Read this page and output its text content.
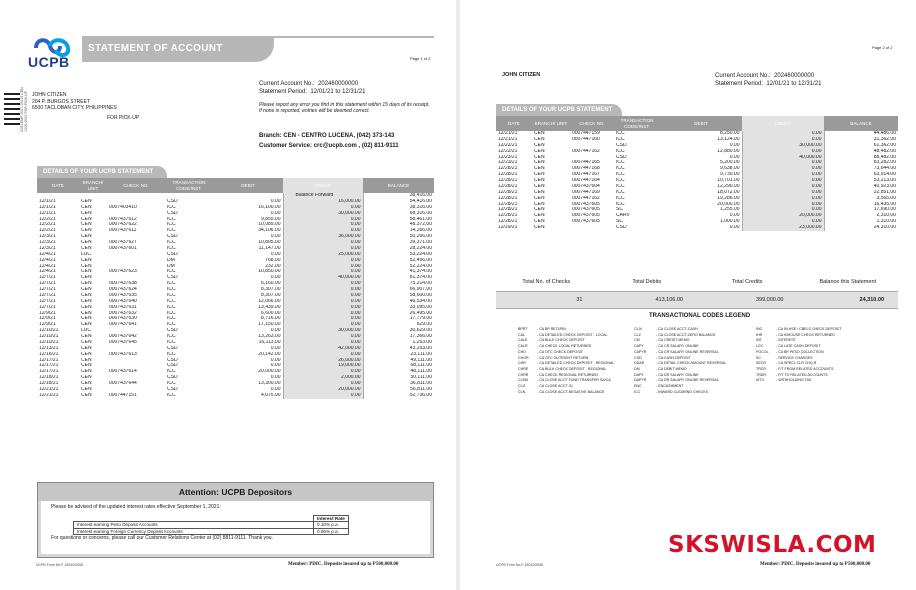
UCPB
STATEMENT OF ACCOUNT
Page 1 of 2
COD-EMP-2017-00123 CEN 12/31/2021 FOR PICK-UP JOHN CITIZEN
204 P. BURGOS STREET
6500 TACLOBAN CITY, PHILIPPINES
FOR PICK-UP
Current Account No.: 202460000000
Statement Period: 12/01/21 to 12/31/21
Please report any error you find in this statement within 15 days of its receipt. If none is reported, entries will be deemed correct.
Branch: CEN - CENTRO LUCENA, (042) 373-143
Customer Service: crc@ucpb.com , (02) 811-9111
DETAILS OF YOUR UCPB STATEMENT
DATE	BRANCH/ UNIT	CHECK NO.	TRANSACTION CODE/INST.	DEBIT	CREDIT	BALANCE
					Balance Forward	38,416.00
12/1/21	CEN		CSD	0.00	16,000.00	54,416.00
12/1/21	CEN	0007403410	ICC	16,100.00	0.00	38,316.00
12/1/21	CEN		CSD	0.00	30,000.00	68,316.00
12/2/21	CEN	0007437612	ICC	9,855.00	0.00	58,461.00
12/2/21	CEN	0007437622	ICC	10,089.00	0.00	48,372.00
12/2/21	CEN	0007437611	ICC	34,106.00	0.00	14,266.00
12/3/21	CEN		CSD	0.00	36,000.00	50,266.00
12/3/21	CEN	0007437627	ICC	10,895.00	0.00	39,371.00
12/3/21	CEN	0007437601	ICC	11,147.00	0.00	28,224.00
12/4/21	LUC		CSD	0.00	25,000.00	53,224.00
12/4/21	CEN		DM	768.00	0.00	52,456.00
12/4/21	CEN		DM	232.00	0.00	52,224.00
12/4/21	CEN	0007437623	ICC	10,850.00	0.00	41,374.00
12/7/21	CEN		CSD	0.00	40,000.00	81,374.00
12/7/21	CEN	0007437638	ICC	6,160.00	0.00	75,214.00
12/7/21	CEN	0007437624	ICC	8,307.00	0.00	66,907.00
12/7/21	CEN	0007437635	ICC	8,307.00	0.00	58,600.00
12/7/21	CEN	0007437640	ICC	12,066.00	0.00	46,534.00
12/7/21	CEN	0007437631	ICC	13,439.00	0.00	33,095.00
12/9/21	CEN	0007437632	ICC	6,600.00	0.00	26,495.00
12/9/21	CEN	0007437630	ICC	8,716.00	0.00	17,779.00
12/9/21	CEN	0007437641	ICC	17,150.00	0.00	629.00
12/10/21	LUC		CSD	0.00	30,000.00	30,629.00
12/10/21	CEN	0007437642	ICC	13,263.00	0.00	17,366.00
12/10/21	CEN	0007437645	ICC	16,113.00	0.00	1,253.00
12/13/21	CEN		CSD	0.00	42,000.00	43,253.00
12/16/21	CEN	0007437613	ICC	20,142.00	0.00	23,111.00
12/17/21	CEN		CSD	0.00	26,000.00	49,111.00
12/17/21	CEN		CSD	0.00	19,000.00	68,111.00
12/17/21	CEN	0007437614	ICC	20,000.00	0.00	48,111.00
12/18/21	CEN		CSD	0.00	2,000.00	50,111.00
12/18/21	CEN	0007437644	ICC	13,300.00	0.00	36,811.00
12/21/21	CEN		CSD	0.00	20,000.00	56,811.00
12/21/21	CEN	0007447151	ICC	4,075.00	0.00	52,736.00
Attention: UCPB Depositors
Please be advised of the updated interest rates effective September 1, 2021:
	Interest Rate
Interest-earning Peso Deposit Accounts	0.10% p.a.
Interest-earning Foreign Currency Deposit Accounts	0.05% p.a.
For questions or concerns, please call our Customer Relations Center at (02) 8811-9111. Thank you.
UCPB Form No.F-18010/2008	Member: PDIC. Deposits insured up to P500,000.00
Page 2 of 2
JOHN CITIZEN	Current Account No.: 202460000000
Statement Period: 12/01/21 to 12/31/21
DETAILS OF YOUR UCPB STATEMENT
DATE	BRANCH/ UNIT	CHECK NO.	TRANSACTION CODE/INST.	DEBIT	CREDIT	BALANCE
12/21/21	CEN	0007447159	ICC	8,250.00	0.00	44,486.00
12/21/21	CEN	0007447160	ICC	13,124.00	0.00	31,362.00
12/22/21	CEN		CSD	0.00	30,000.00	61,362.00
12/22/21	CEN	0007447162	ICC	12,880.00	0.00	48,482.00
12/23/21	CEN		CSD	0.00	40,000.00	88,482.00
12/23/21	CEN	0007447165	ICC	5,200.00	0.00	83,282.00
12/28/21	CEN	0007447168	ICC	9,638.00	0.00	73,644.00
12/28/21	CEN	0007447167	ICC	9,730.00	0.00	63,914.00
12/28/21	CEN	0007447164	ICC	10,701.00	0.00	53,213.00
12/28/21	CEN	0007437604	ICC	12,290.00	0.00	40,923.00
12/28/21	CEN	0007447169	ICC	18,072.00	0.00	22,851.00
12/28/21	CEN	0007447162	ICC	19,286.00	0.00	3,565.00
12/28/21	CEN	0007437605	ICC	20,000.00	0.00	16,435.00
12/28/21	CEN	0007437605	SC	1,255.00	0.00	17,690.00
12/28/21	CEN	0007437605	CARV	0.00	20,000.00	2,310.00
12/28/21	CEN	0007437605	SC	1,000.00	0.00	1,310.00
12/29/21	CEN		CSD	0.00	23,000.00	24,310.00
Total No. of Checks	Total Debits	Total Credits	Balance this Statement
31	413,106.00	399,000.00	24,310.00
TRANSACTIONAL CODES LEGEND
BPRT	- CA BP RETURN	CLIV	- CA CLOSE ACCT-CASH	INC	- CA IN-HSE / CBELS CHECK DEPOSIT
CAL	- CA DETAILED CHECK DEPOSIT - LOCAL	CLZ	- CA CLOSE ACCT-ZERO BALANCE	IHR	- CA INHOUSE CHECK RETURNED
CALE	- CA BULK CHECK DEPOSIT	CM	- CA CREDIT MEMO	INT	- INTEREST
CALR	- CA CHECK LOCAL RETURNED	CAPY	- CA CR SALARY ONLINE	LCC	- CA LATE CASH DEPOSIT
CHD	- CA OTC CHECK DEPOSIT	CAPYR	- CA CR SALARY ONLINE REVERSAL	POCOL	- CA BP PESO COLLECTION
CHOR	- CA OTC OUTRIGHT RETURN	CSD	- CA CASH DEPOSIT	SC	- SERVICE CHARGES
CHR	- CA DETAILED CHECK DEPOSIT - REGIONAL	DDAR	- CA DETAIL CHECK AMOUNT REVERSAL	SECR	- CA SPECL CLR CHQ R
CHRE	- CA BULK CHECK DEPOSIT - REGIONAL	DM	- CA DEBIT MEMO	TRCR	- F/T FROM RELATED ACCOUNTS
CHRR	- CA CHECK REGIONAL RETURNED	DAPY	- CA DR SALARY ONLINE	TRDR	- F/T TO RELATED ACCOUNTS
CLEM	- CA CLOSE ACCT FUND TRANSFER SA/CA	DAPYR	- CA DR SALARY ONLINE REVERSAL	WTX	- WITHHOLDING TAX
CLG	- CA CLOSE ACCT GL	ENC	- ENCASHMENT
CLN	- CA CLOSE ACCT-NEGATIVE BALANCE	ICC	- INWARD CLEARING CHECKS
UCPB Form No.F-18010/2008	Member: PDIC. Deposits insured up to P500,000.00
SKSWISLA.COM
